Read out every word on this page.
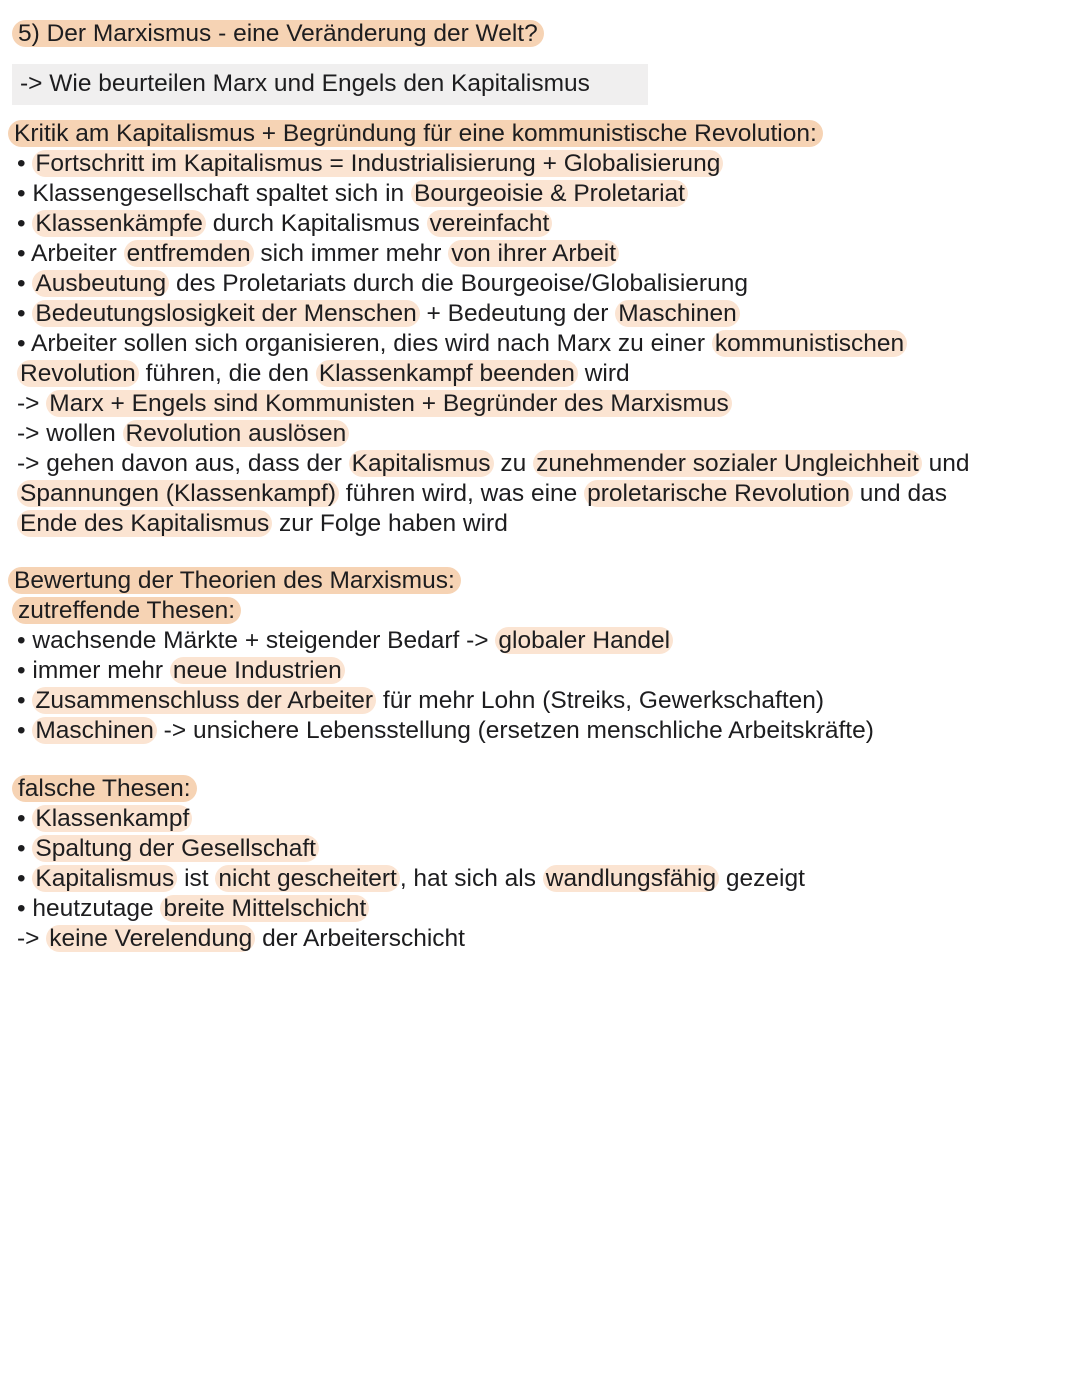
5) Der Marxismus - eine Veränderung der Welt?
-> Wie beurteilen Marx und Engels den Kapitalismus
Kritik am Kapitalismus + Begründung für eine kommunistische Revolution:
• Fortschritt im Kapitalismus = Industrialisierung + Globalisierung
• Klassengesellschaft spaltet sich in Bourgeoisie & Proletariat
• Klassenkämpfe durch Kapitalismus vereinfacht
• Arbeiter entfremden sich immer mehr von ihrer Arbeit
• Ausbeutung des Proletariats durch die Bourgeoise/Globalisierung
• Bedeutungslosigkeit der Menschen + Bedeutung der Maschinen
• Arbeiter sollen sich organisieren, dies wird nach Marx zu einer kommunistischen
Revolution führen, die den Klassenkampf beenden wird
-> Marx + Engels sind Kommunisten + Begründer des Marxismus
-> wollen Revolution auslösen
-> gehen davon aus, dass der Kapitalismus zu zunehmender sozialer Ungleichheit und
Spannungen (Klassenkampf) führen wird, was eine proletarische Revolution und das
Ende des Kapitalismus zur Folge haben wird
Bewertung der Theorien des Marxismus:
zutreffende Thesen:
• wachsende Märkte + steigender Bedarf -> globaler Handel
• immer mehr neue Industrien
• Zusammenschluss der Arbeiter für mehr Lohn (Streiks, Gewerkschaften)
• Maschinen -> unsichere Lebensstellung (ersetzen menschliche Arbeitskräfte)
falsche Thesen:
• Klassenkampf
• Spaltung der Gesellschaft
• Kapitalismus ist nicht gescheitert , hat sich als wandlungsfähig gezeigt
• heutzutage breite Mittelschicht
-> keine Verelendung der Arbeiterschicht
